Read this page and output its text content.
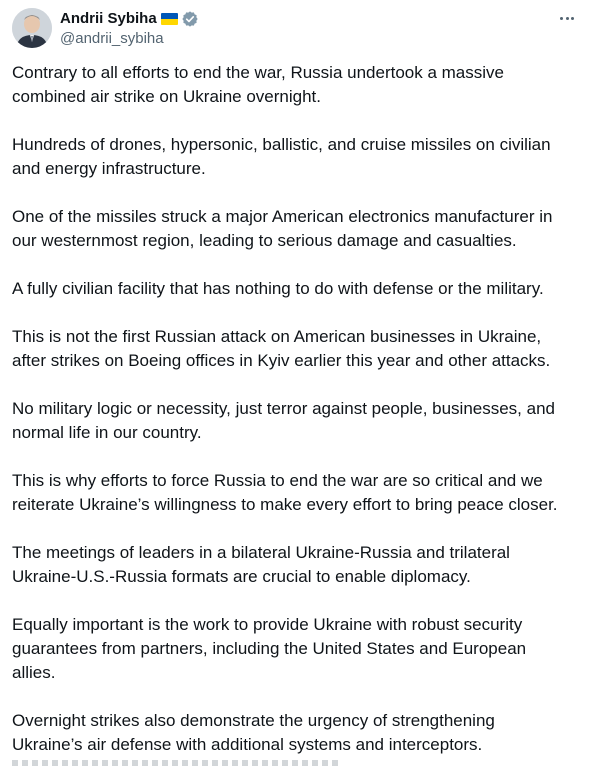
Andrii Sybiha
@andrii_sybiha

Contrary to all efforts to end the war, Russia undertook a massive
combined air strike on Ukraine overnight.

Hundreds of drones, hypersonic, ballistic, and cruise missiles on civilian
and energy infrastructure.

One of the missiles struck a major American electronics manufacturer in
our westernmost region, leading to serious damage and casualties.

A fully civilian facility that has nothing to do with defense or the military.

This is not the first Russian attack on American businesses in Ukraine,
after strikes on Boeing offices in Kyiv earlier this year and other attacks.

No military logic or necessity, just terror against people, businesses, and
normal life in our country.

This is why efforts to force Russia to end the war are so critical and we
reiterate Ukraine’s willingness to make every effort to bring peace closer.

The meetings of leaders in a bilateral Ukraine-Russia and trilateral
Ukraine-U.S.-Russia formats are crucial to enable diplomacy.

Equally important is the work to provide Ukraine with robust security
guarantees from partners, including the United States and European
allies.

Overnight strikes also demonstrate the urgency of strengthening
Ukraine’s air defense with additional systems and interceptors.
